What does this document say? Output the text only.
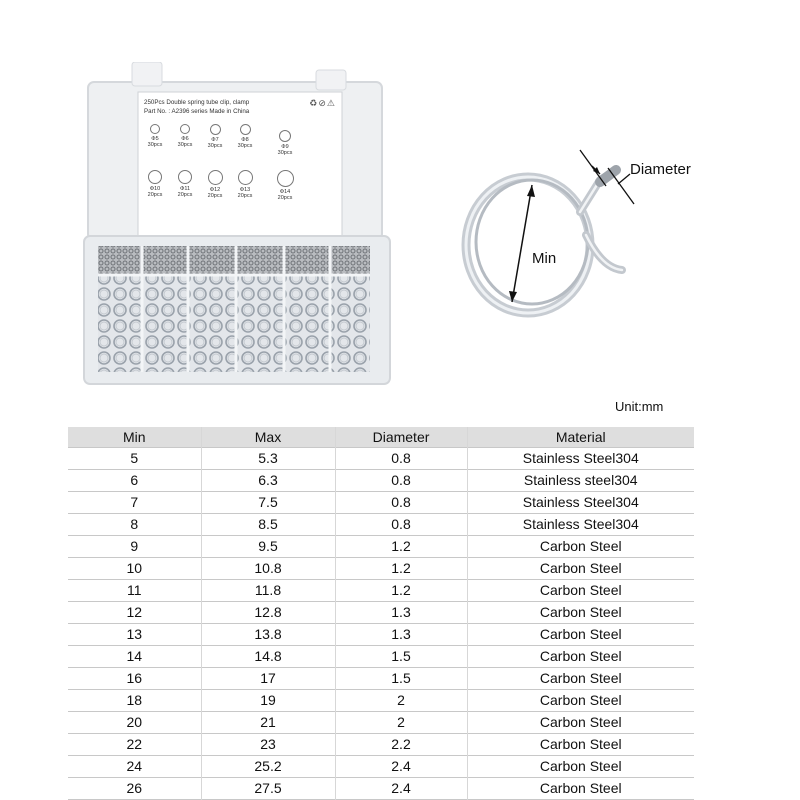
250Pcs Double spring tube clip, clamp
Part No. : A2396 series Made in China
♻⊘⚠
Φ5
30pcs
Φ6
30pcs
Φ7
30pcs
Φ8
30pcs	Φ9
30pcs
Φ10
20pcs
Φ11
20pcs
Φ12
20pcs
Φ13
20pcs
Φ14
20pcs
Diameter
Min
Unit:mm
Min	Max	Diameter	Material
5	5.3	0.8	Stainless Steel304
6	6.3	0.8	Stainless steel304
7	7.5	0.8	Stainless Steel304
8	8.5	0.8	Stainless Steel304
9	9.5	1.2	Carbon Steel
10	10.8	1.2	Carbon Steel
11	11.8	1.2	Carbon Steel
12	12.8	1.3	Carbon Steel
13	13.8	1.3	Carbon Steel
14	14.8	1.5	Carbon Steel
16	17	1.5	Carbon Steel
18	19	2	Carbon Steel
20	21	2	Carbon Steel
22	23	2.2	Carbon Steel
24	25.2	2.4	Carbon Steel
26	27.5	2.4	Carbon Steel
